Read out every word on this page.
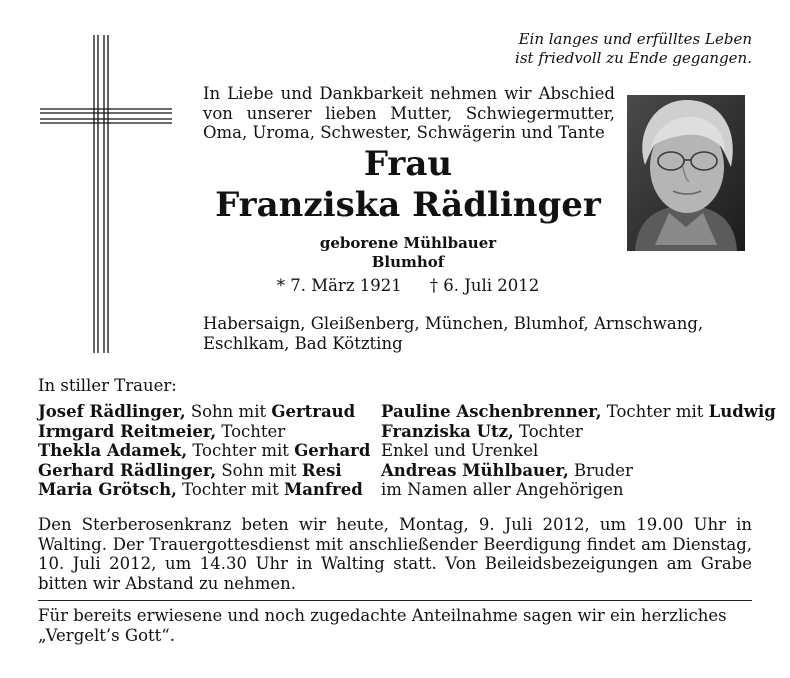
Ein langes und erfülltes Leben
ist friedvoll zu Ende gegangen.
In Liebe und Dankbarkeit nehmen wir Abschied
von unserer lieben Mutter, Schwiegermutter,
Oma, Uroma, Schwester, Schwägerin und Tante
Frau
Franziska Rädlinger
geborene Mühlbauer
Blumhof
* 7. März 1921 † 6. Juli 2012
Habersaign, Gleißenberg, München, Blumhof, Arnschwang,
Eschlkam, Bad Kötzting
In stiller Trauer:
Josef Rädlinger, Sohn mit Gertraud
Irmgard Reitmeier, Tochter
Thekla Adamek, Tochter mit Gerhard
Gerhard Rädlinger, Sohn mit Resi
Maria Grötsch, Tochter mit Manfred
Pauline Aschenbrenner, Tochter mit Ludwig
Franziska Utz, Tochter
Enkel und Urenkel
Andreas Mühlbauer, Bruder
im Namen aller Angehörigen
Den Sterberosenkranz beten wir heute, Montag, 9. Juli 2012, um 19.00 Uhr in Walting. Der Trauergottesdienst mit anschließender Beerdigung findet am Dienstag, 10. Juli 2012, um 14.30 Uhr in Walting statt. Von Beileidsbezeigungen am Grabe bitten wir Abstand zu nehmen.
Für bereits erwiesene und noch zugedachte Anteilnahme sagen wir ein herzliches
„Vergelt’s Gott“.
